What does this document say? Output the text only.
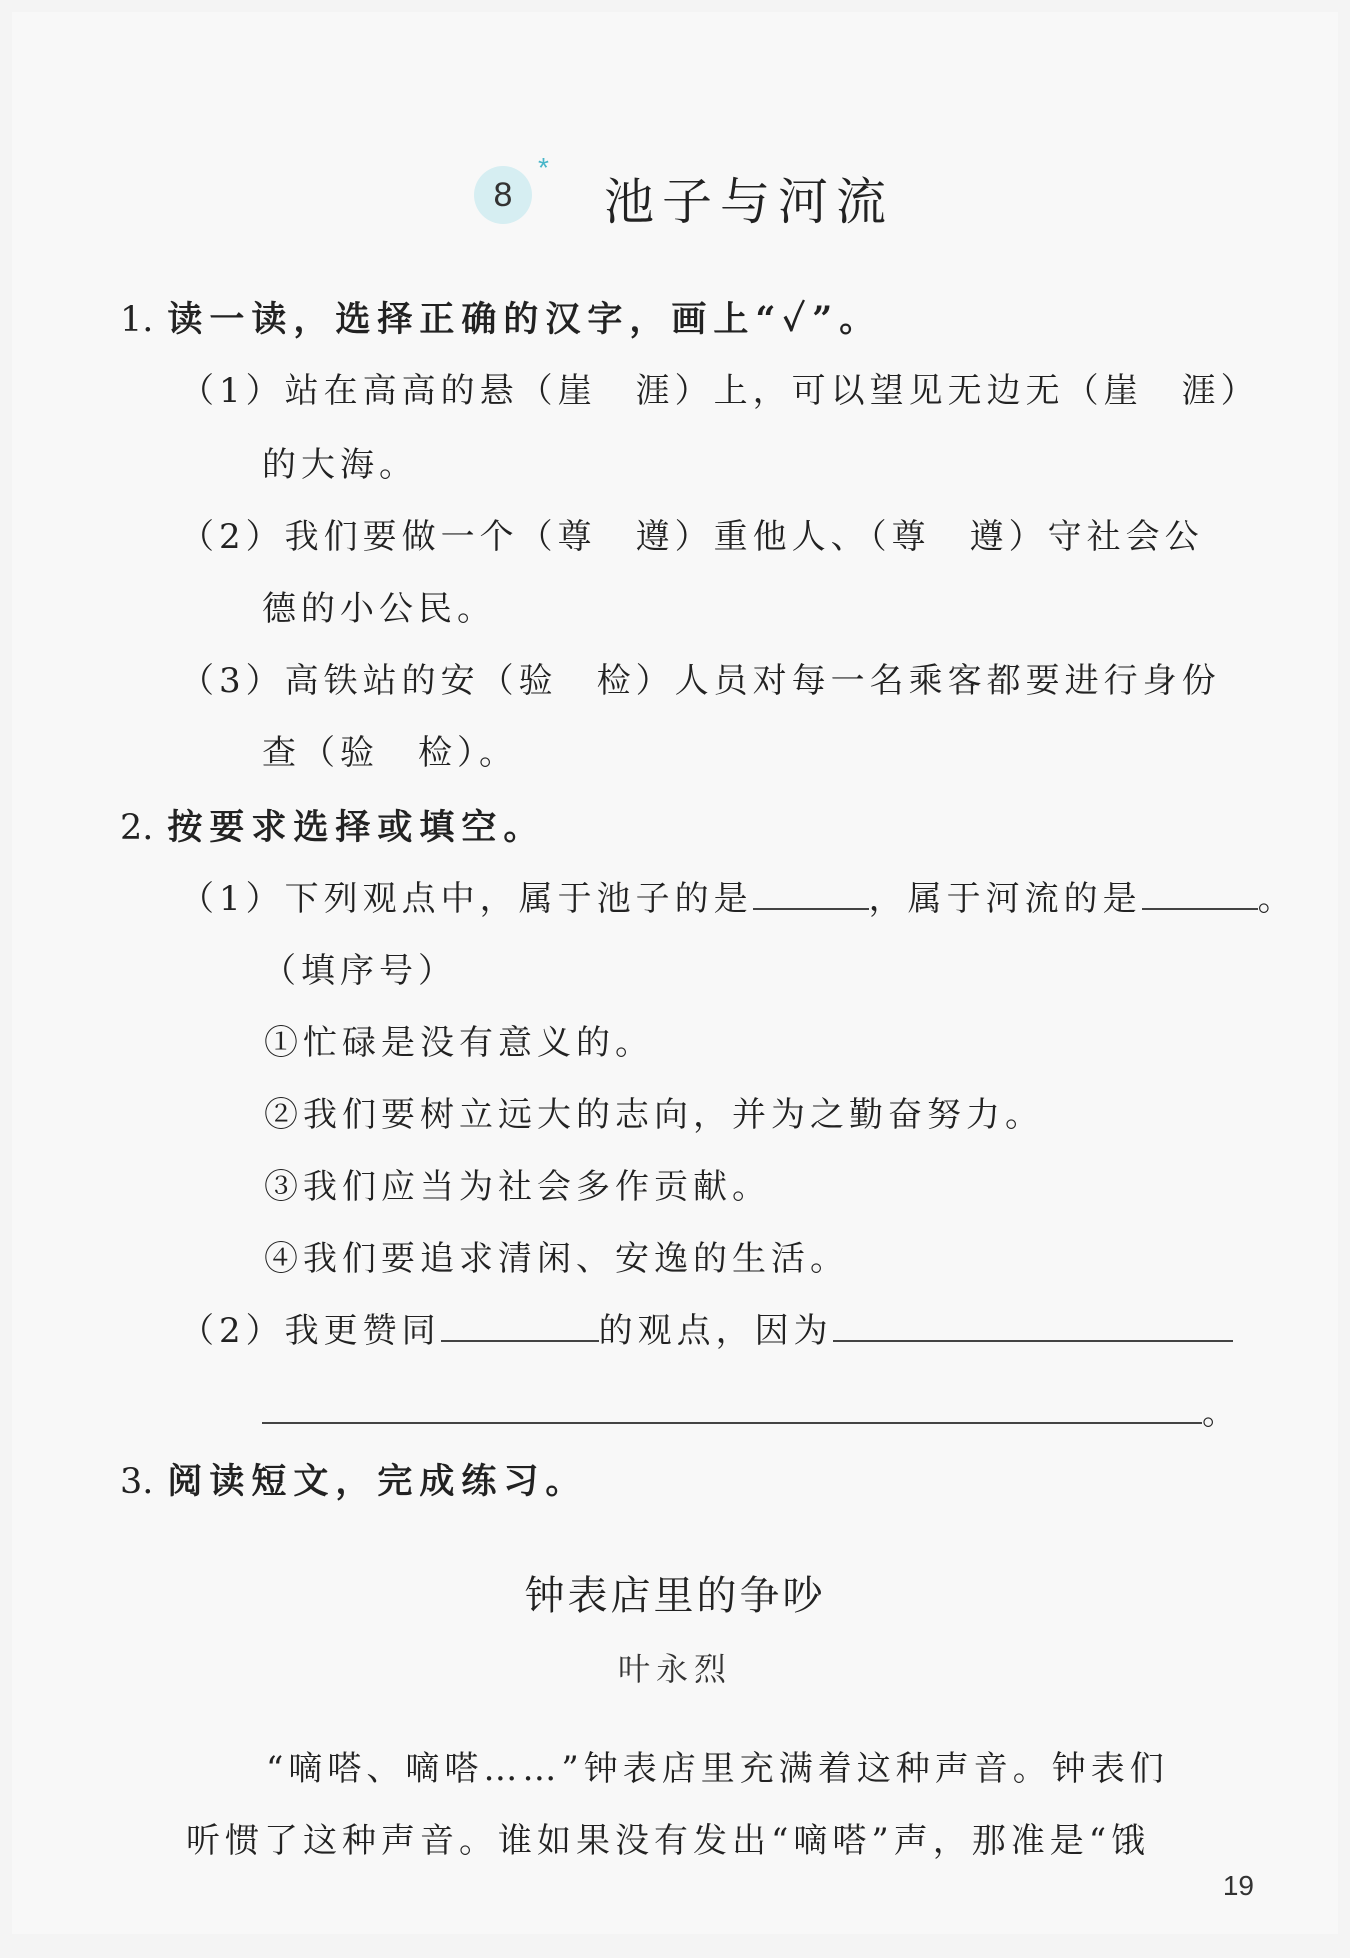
8
*
池子与河流
1. 读一读，选择正确的汉字，画上“✓”。
（1）站在高高的悬（崖　涯）上，可以望见无边无（崖　涯）
的大海。
（2）我们要做一个（尊　遵）重他人、（尊　遵）守社会公
德的小公民。
（3）高铁站的安（验　检）人员对每一名乘客都要进行身份
查（验　检）。
2. 按要求选择或填空。
（1）下列观点中，属于池子的是	，属于河流的是	。
（填序号）
①忙碌是没有意义的。
②我们要树立远大的志向，并为之勤奋努力。
③我们应当为社会多作贡献。
④我们要追求清闲、安逸的生活。
（2）我更赞同	的观点，因为
。
3. 阅读短文，完成练习。
钟表店里的争吵
叶永烈
“嘀嗒、嘀嗒……”钟表店里充满着这种声音。钟表们
听惯了这种声音。谁如果没有发出“嘀嗒”声，那准是“饿
19
